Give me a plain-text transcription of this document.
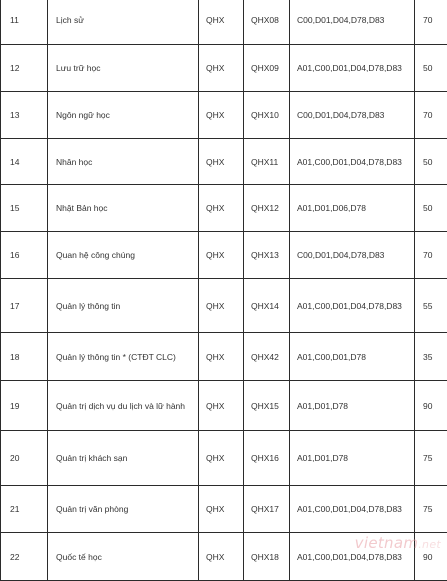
11	Lịch sử	QHX	QHX08	C00,D01,D04,D78,D83	70
12	Lưu trữ học	QHX	QHX09	A01,C00,D01,D04,D78,D83	50
13	Ngôn ngữ học	QHX	QHX10	C00,D01,D04,D78,D83	70
14	Nhân học	QHX	QHX11	A01,C00,D01,D04,D78,D83	50
15	Nhật Bản học	QHX	QHX12	A01,D01,D06,D78	50
16	Quan hệ công chúng	QHX	QHX13	C00,D01,D04,D78,D83	70
17	Quản lý thông tin	QHX	QHX14	A01,C00,D01,D04,D78,D83	55
18	Quản lý thông tin * (CTĐT CLC)	QHX	QHX42	A01,C00,D01,D78	35
19	Quản trị dịch vụ du lịch và lữ hành	QHX	QHX15	A01,D01,D78	90
20	Quản trị khách sạn	QHX	QHX16	A01,D01,D78	75
21	Quản trị văn phòng	QHX	QHX17	A01,C00,D01,D04,D78,D83	75
22	Quốc tế học	QHX	QHX18	A01,C00,D01,D04,D78,D83	90
vietnam.net
